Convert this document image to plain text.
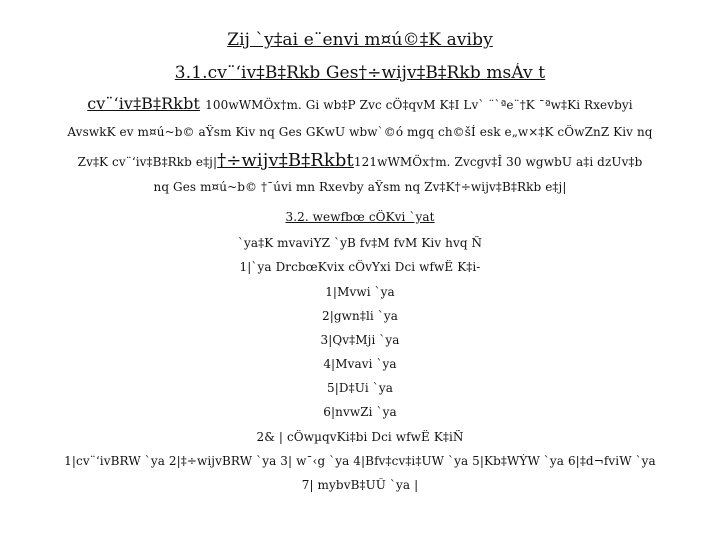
Zij `y‡ai e¨envi m¤ú©‡K aviby
3.1.cv¨‘iv‡B‡Rkb Ges†÷wijv‡B‡Rkb msÁv t
cv¨‘iv‡B‡Rkbt 100wWMÖx†m. Gi wb‡P Zvc cÖ‡qvM K‡I Lv` ¨`ªe¨†K ¯ªw‡Ki Rxevbyi
AvswkK ev m¤ú~b© aŸsm Kiv nq Ges GKwU wbw`©ó mgq ch©šÍ esk e„w×‡K cÖwZnZ Kiv nq
Zv‡K cv¨‘iv‡B‡Rkb e‡j|†÷wijv‡B‡Rkbt121wWMÖx†m. Zvcgv‡Î 30 wgwbU a‡i dzUv‡b
nq Ges m¤ú~b© †¯úvi mn Rxevby aŸsm nq Zv‡K†÷wijv‡B‡Rkb e‡j|
3.2. wewfbœ cÖKvi `yat
`ya‡K mvaviYZ `yB fv‡M fvM Kiv hvq Ñ
1|`ya DrcbœKvix cÖvYxi Dci wfwË K‡i-
1|Mvwi `ya
2|gwn‡li `ya
3|Qv‡Mji `ya
4|Mvavi `ya
5|D‡Ui `ya
6|nvwZi `ya
2& | cÖwµqvKi‡bi Dci wfwË K‡iÑ
1|cv¨‘ivBRW `ya 2|‡÷wijvBRW `ya 3| w¯‹g `ya 4|Bfv‡cv‡i‡UW `ya 5|Kb‡WÝW `ya 6|‡d¬fviW `ya
7| mybvB‡UÛ `ya |
